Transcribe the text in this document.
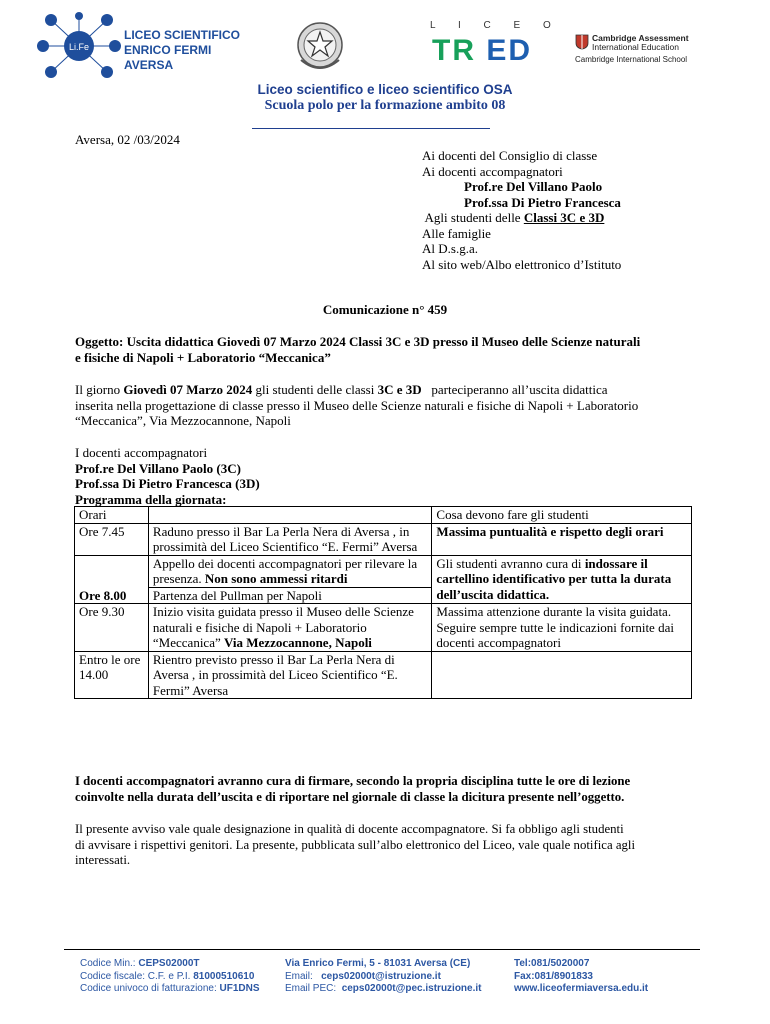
Li.Fe
LICEO SCIENTIFICO
ENRICO FERMI
AVERSA
L I C E O
TR ED	Cambridge Assessment
International Education
Cambridge International School
Liceo scientifico e liceo scientifico OSA
Scuola polo per la formazione ambito 08
Aversa, 02 /03/2024
Ai docenti del Consiglio di classe
Ai docenti accompagnatori
Prof.re Del Villano Paolo
Prof.ssa Di Pietro Francesca
Agli studenti delle Classi 3C e 3D
Alle famiglie
Al D.s.g.a.
Al sito web/Albo elettronico d’Istituto
Comunicazione n° 459
Oggetto: Uscita didattica Giovedì 07 Marzo 2024 Classi 3C e 3D presso il Museo delle Scienze naturali
e fisiche di Napoli + Laboratorio “Meccanica”
Il giorno Giovedì 07 Marzo 2024 gli studenti delle classi 3C e 3D   parteciperanno all’uscita didattica
inserita nella progettazione di classe presso il Museo delle Scienze naturali e fisiche di Napoli + Laboratorio
“Meccanica”, Via Mezzocannone, Napoli
I docenti accompagnatori
Prof.re Del Villano Paolo (3C)
Prof.ssa Di Pietro Francesca (3D)
Programma della giornata:
Orari		Cosa devono fare gli studenti
Ore 7.45	Raduno presso il Bar La Perla Nera di Aversa , in prossimità del Liceo Scientifico “E. Fermi” Aversa	Massima puntualità e rispetto degli orari
Ore 8.00	Appello dei docenti accompagnatori per rilevare la presenza. Non sono ammessi ritardi	Gli studenti avranno cura di indossare il cartellino identificativo per tutta la durata dell’uscita didattica.
	Partenza del Pullman per Napoli	
Ore 9.30	Inizio visita guidata presso il Museo delle Scienze naturali e fisiche di Napoli + Laboratorio “Meccanica” Via Mezzocannone, Napoli	Massima attenzione durante la visita guidata. Seguire sempre tutte le indicazioni fornite dai docenti accompagnatori
Entro le ore 14.00	Rientro previsto presso il Bar La Perla Nera di Aversa , in prossimità del Liceo Scientifico “E. Fermi” Aversa	
I docenti accompagnatori avranno cura di firmare, secondo la propria disciplina tutte le ore di lezione
coinvolte nella durata dell’uscita e di riportare nel giornale di classe la dicitura presente nell’oggetto.
Il presente avviso vale quale designazione in qualità di docente accompagnatore. Si fa obbligo agli studenti
di avvisare i rispettivi genitori. La presente, pubblicata sull’albo elettronico del Liceo, vale quale notifica agli
interessati.
Codice Min.: CEPS02000T
Codice fiscale: C.F. e P.I. 81000510610
Codice univoco di fatturazione: UF1DNS
Via Enrico Fermi, 5 - 81031 Aversa (CE)
Email:   ceps02000t@istruzione.it
Email PEC:  ceps02000t@pec.istruzione.it
Tel:081/5020007
Fax:081/8901833
www.liceofermiaversa.edu.it
